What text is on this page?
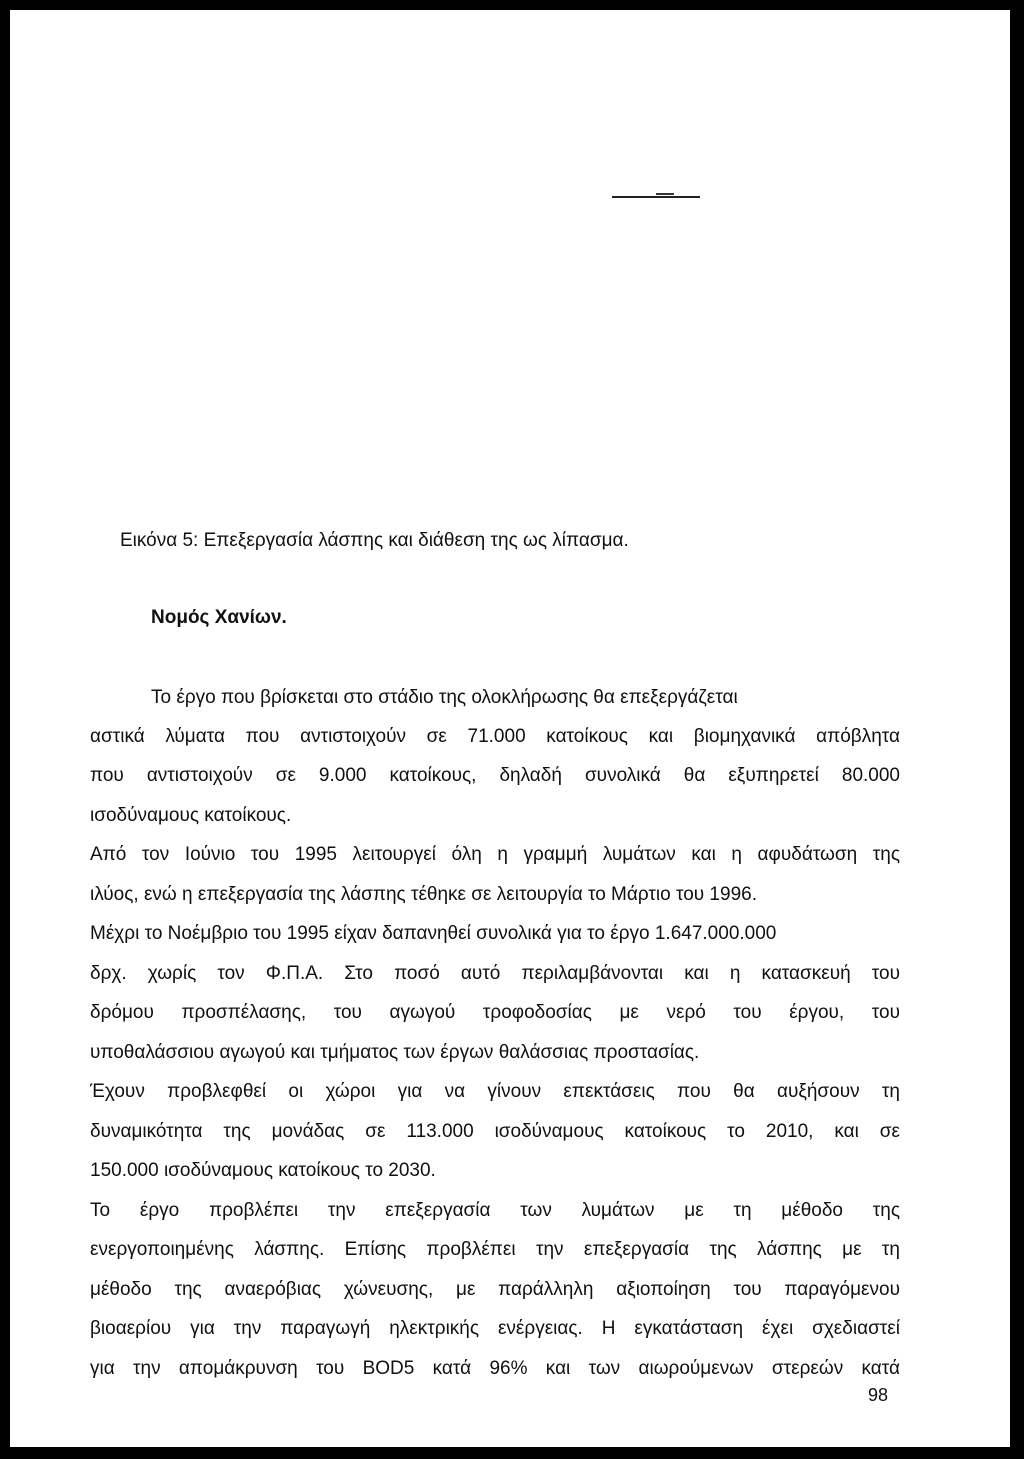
Εικόνα 5: Επεξεργασία λάσπης και διάθεση της ως λίπασμα.
Νομός Χανίων.
Το έργο που βρίσκεται στο στάδιο της ολοκλήρωσης θα επεξεργάζεται
αστικά λύματα που αντιστοιχούν σε 71.000 κατοίκους και βιομηχανικά απόβλητα
που αντιστοιχούν σε 9.000 κατοίκους, δηλαδή συνολικά θα εξυπηρετεί 80.000
ισοδύναμους κατοίκους.
Από τον Ιούνιο του 1995 λειτουργεί όλη η γραμμή λυμάτων και η αφυδάτωση της
ιλύος, ενώ η επεξεργασία της λάσπης τέθηκε σε λειτουργία το Μάρτιο του 1996.
Μέχρι το Νοέμβριο του 1995 είχαν δαπανηθεί συνολικά για το έργο 1.647.000.000
δρχ. χωρίς τον Φ.Π.Α. Στο ποσό αυτό περιλαμβάνονται και η κατασκευή του
δρόμου προσπέλασης, του αγωγού τροφοδοσίας με νερό του έργου, του
υποθαλάσσιου αγωγού και τμήματος των έργων θαλάσσιας προστασίας.
Έχουν προβλεφθεί οι χώροι για να γίνουν επεκτάσεις που θα αυξήσουν τη
δυναμικότητα της μονάδας σε 113.000 ισοδύναμους κατοίκους το 2010, και σε
150.000 ισοδύναμους κατοίκους το 2030.
Το έργο προβλέπει την επεξεργασία των λυμάτων με τη μέθοδο της
ενεργοποιημένης λάσπης. Επίσης προβλέπει την επεξεργασία της λάσπης με τη
μέθοδο της αναερόβιας χώνευσης, με παράλληλη αξιοποίηση του παραγόμενου
βιοαερίου για την παραγωγή ηλεκτρικής ενέργειας. Η εγκατάσταση έχει σχεδιαστεί
για την απομάκρυνση του BOD5 κατά 96% και των αιωρούμενων στερεών κατά
98
